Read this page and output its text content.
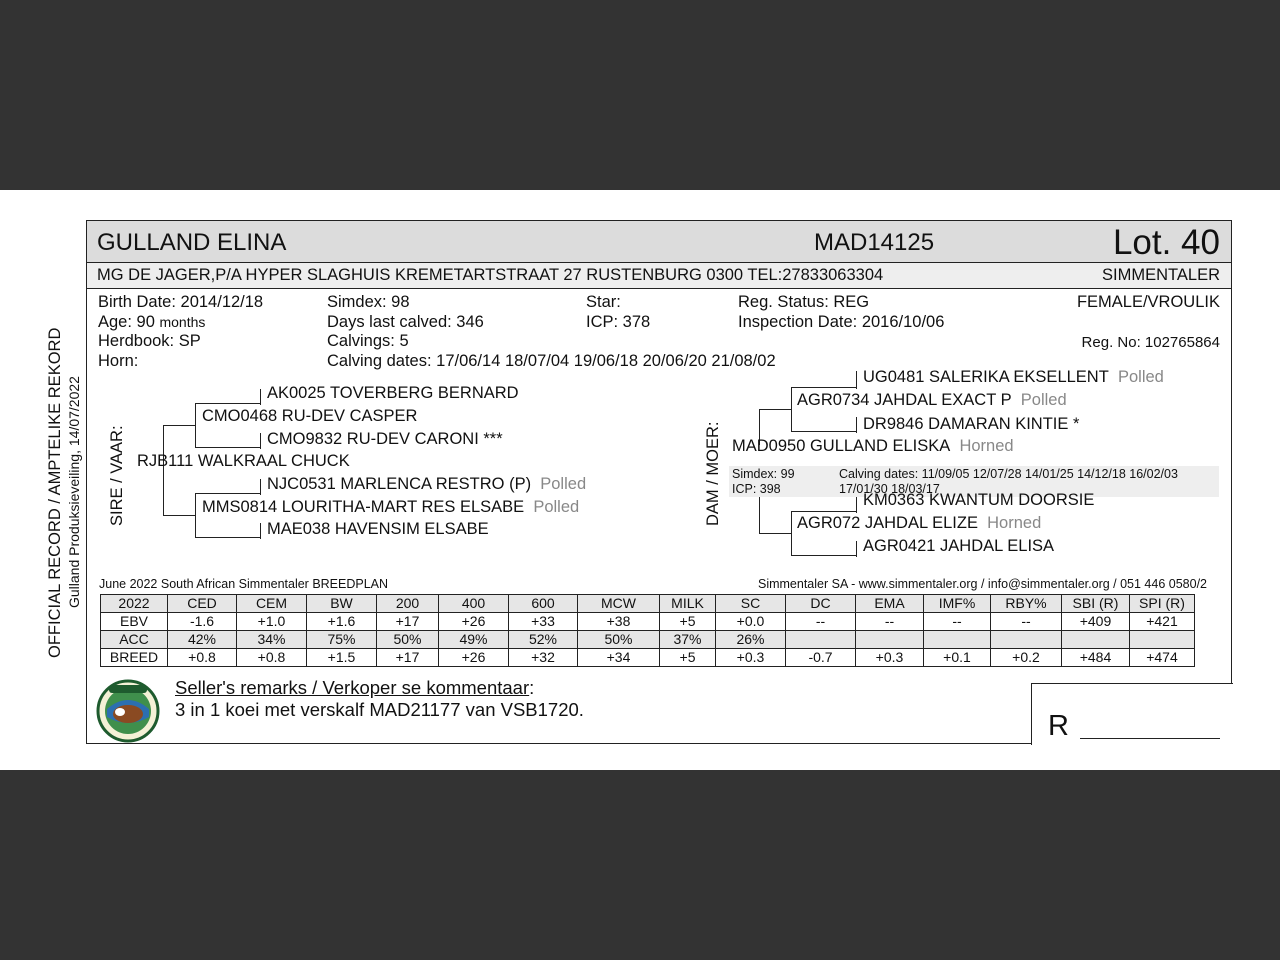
OFFICIAL RECORD / AMPTELIKE REKORD Gulland Produksieveiling, 14/07/2022
GULLAND ELINA	MAD14125	Lot. 40
MG DE JAGER,P/A HYPER SLAGHUIS KREMETARTSTRAAT 27 RUSTENBURG 0300 TEL:27833063304	SIMMENTALER
Birth Date: 2014/12/18
Age: 90 months
Herdbook: SP
Horn:
Simdex: 98
Days last calved: 346
Calvings: 5
Calving dates: 17/06/14 18/07/04 19/06/18 20/06/20 21/08/02
Star:
ICP: 378
Reg. Status: REG
Inspection Date: 2016/10/06
FEMALE/VROULIK
Reg. No: 102765864
SIRE / VAAR:	DAM / MOER:
AK0025 TOVERBERG BERNARD
CMO0468 RU-DEV CASPER
CMO9832 RU-DEV CARONI ***
RJB111 WALKRAAL CHUCK
NJC0531 MARLENCA RESTRO (P) Polled
MMS0814 LOURITHA-MART RES ELSABE Polled
MAE038 HAVENSIM ELSABE
UG0481 SALERIKA EKSELLENT Polled
AGR0734 JAHDAL EXACT P Polled
DR9846 DAMARAN KINTIE *
MAD0950 GULLAND ELISKA Horned
Simdex: 99
ICP: 398
Calving dates: 11/09/05 12/07/28 14/01/25 14/12/18 16/02/03
17/01/30 18/03/17
KM0363 KWANTUM DOORSIE
AGR072 JAHDAL ELIZE Horned
AGR0421 JAHDAL ELISA
June 2022 South African Simmentaler BREEDPLAN	Simmentaler SA - www.simmentaler.org / info@simmentaler.org / 051 446 0580/2
2022	CED	CEM	BW	200	400	600	MCW	MILK	SC	DC	EMA	IMF%	RBY%	SBI (R)	SPI (R)
EBV	-1.6	+1.0	+1.6	+17	+26	+33	+38	+5	+0.0	--	--	--	--	+409	+421
ACC	42%	34%	75%	50%	49%	52%	50%	37%	26%						
BREED	+0.8	+0.8	+1.5	+17	+26	+32	+34	+5	+0.3	-0.7	+0.3	+0.1	+0.2	+484	+474
Seller's remarks / Verkoper se kommentaar:
3 in 1 koei met verskalf MAD21177 van VSB1720.
R
